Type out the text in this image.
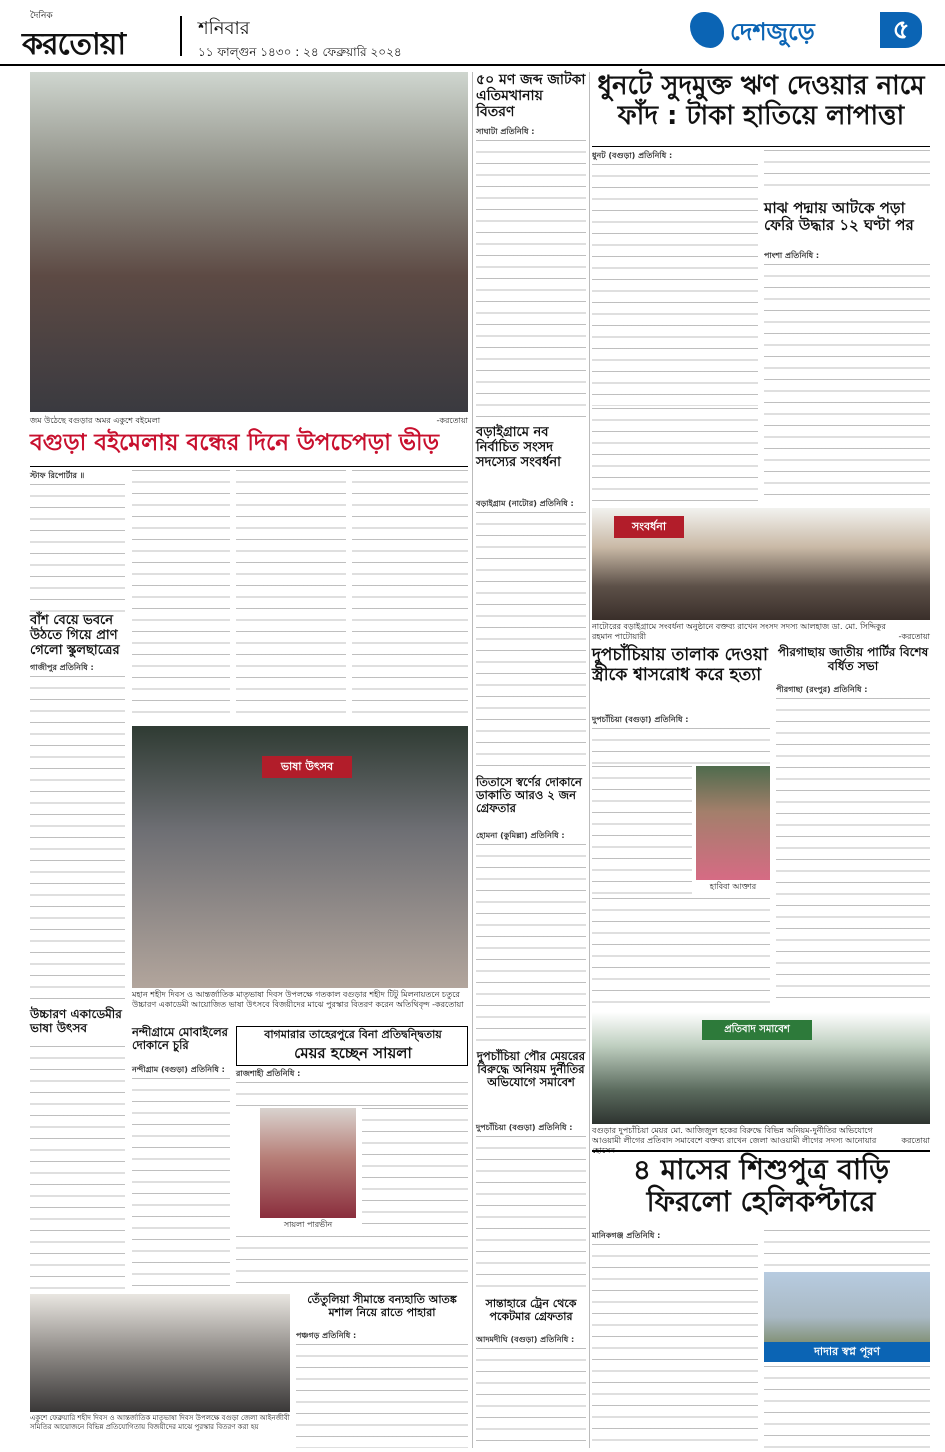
দৈনিক
করতোয়া	শনিবার
১১ ফাল্গুন ১৪৩০ : ২৪ ফেব্রুয়ারি ২০২৪
দেশজুড়ে	৫
জম উঠেছে বগুড়ার অমর একুশে বইমেলা	-করতোয়া
বগুড়া বইমেলায় বন্ধের দিনে উপচেপড়া ভীড়
স্টাফ রিপোর্টার ॥
বাঁশ বেয়ে ভবনে উঠতে গিয়ে প্রাণ গেলো স্কুলছাত্রের
গাজীপুর প্রতিনিধি :
উচ্চারণ একাডেমীর ভাষা উৎসব
ভাষা উৎসব
মহান শহীদ দিবস ও আন্তর্জাতিক মাতৃভাষা দিবস উপলক্ষে গতকাল বগুড়ার শহীদ টিটু মিলনায়তনে চতুরে উচ্চারণ একাডেমী আয়োজিত ভাষা উৎসবে বিজয়ীদের মাঝে পুরস্কার বিতরণ করেন অতিথিবৃন্দ -করতোয়া
নন্দীগ্রামে মোবাইলের দোকানে চুরি
নন্দীগ্রাম (বগুড়া) প্রতিনিধি :
বাগমারার তাহেরপুরে বিনা প্রতিদ্বন্দ্বিতায়
মেয়র হচ্ছেন সায়লা
রাজশাহী প্রতিনিধি :
সায়লা পারভীন
একুশে ফেব্রুয়ারি শহীদ দিবস ও আন্তর্জাতিক মাতৃভাষা দিবস উপলক্ষে বগুড়া জেলা আইনজীবী সমিতির আয়োজনে বিভিন্ন প্রতিযোগিতায় বিজয়ীদের মাঝে পুরস্কার বিতরণ করা হয়
তেঁতুলিয়া সীমান্তে বন্যহাতি আতঙ্ক মশাল নিয়ে রাতে পাহারা
পঞ্চগড় প্রতিনিধি :
৫০ মণ জব্দ জাটকা এতিমখানায় বিতরণ
সাঘাটা প্রতিনিধি :
বড়াইগ্রামে নব নির্বাচিত সংসদ সদস্যের সংবর্ধনা
বড়াইগ্রাম (নাটোর) প্রতিনিধি :
তিতাসে স্বর্ণের দোকানে ডাকাতি আরও ২ জন গ্রেফতার
হোমনা (কুমিল্লা) প্রতিনিধি :
দুপচাঁচিয়া পৌর মেয়রের বিরুদ্ধে অনিয়ম দুর্নীতির অভিযোগে সমাবেশ
দুপচাঁচিয়া (বগুড়া) প্রতিনিধি :
সান্তাহারে ট্রেন থেকে পকেটমার গ্রেফতার
আদমদীঘি (বগুড়া) প্রতিনিধি :
ধুনটে সুদমুক্ত ঋণ দেওয়ার নামে ফাঁদ : টাকা হাতিয়ে লাপাত্তা
ধুনট (বগুড়া) প্রতিনিধি :
মাঝ পদ্মায় আটকে পড়া ফেরি উদ্ধার ১২ ঘণ্টা পর
পাংশা প্রতিনিধি :
সংবর্ধনা
নাটোরের বড়াইগ্রামে সংবর্ধনা অনুষ্ঠানে বক্তব্য রাখেন সংসদ সদস্য আলহাজ ডা. মো. সিদ্দিকুর রহমান পাটোয়ারী	-করতোয়া
দুপচাঁচিয়ায় তালাক দেওয়া স্ত্রীকে শ্বাসরোধ করে হত্যা
দুপচাঁচিয়া (বগুড়া) প্রতিনিধি :
হাবিবা আক্তার
পীরগাছায় জাতীয় পার্টির বিশেষ বর্ধিত সভা
পীরগাছা (রংপুর) প্রতিনিধি :
প্রতিবাদ সমাবেশ
বগুড়ার দুপচাঁচিয়া মেয়র মো. আজিজুল হকের বিরুদ্ধে বিভিন্ন অনিয়ম-দুর্নীতির অভিযোগে আওয়ামী লীগের প্রতিবাদ সমাবেশে বক্তব্য রাখেন জেলা আওয়ামী লীগের সদস্য আনোয়ার	করতোয়া
৪ মাসের শিশুপুত্র বাড়ি ফিরলো হেলিকপ্টারে
মানিকগঞ্জ প্রতিনিধি :
দাদার স্বপ্ন পূরণ
